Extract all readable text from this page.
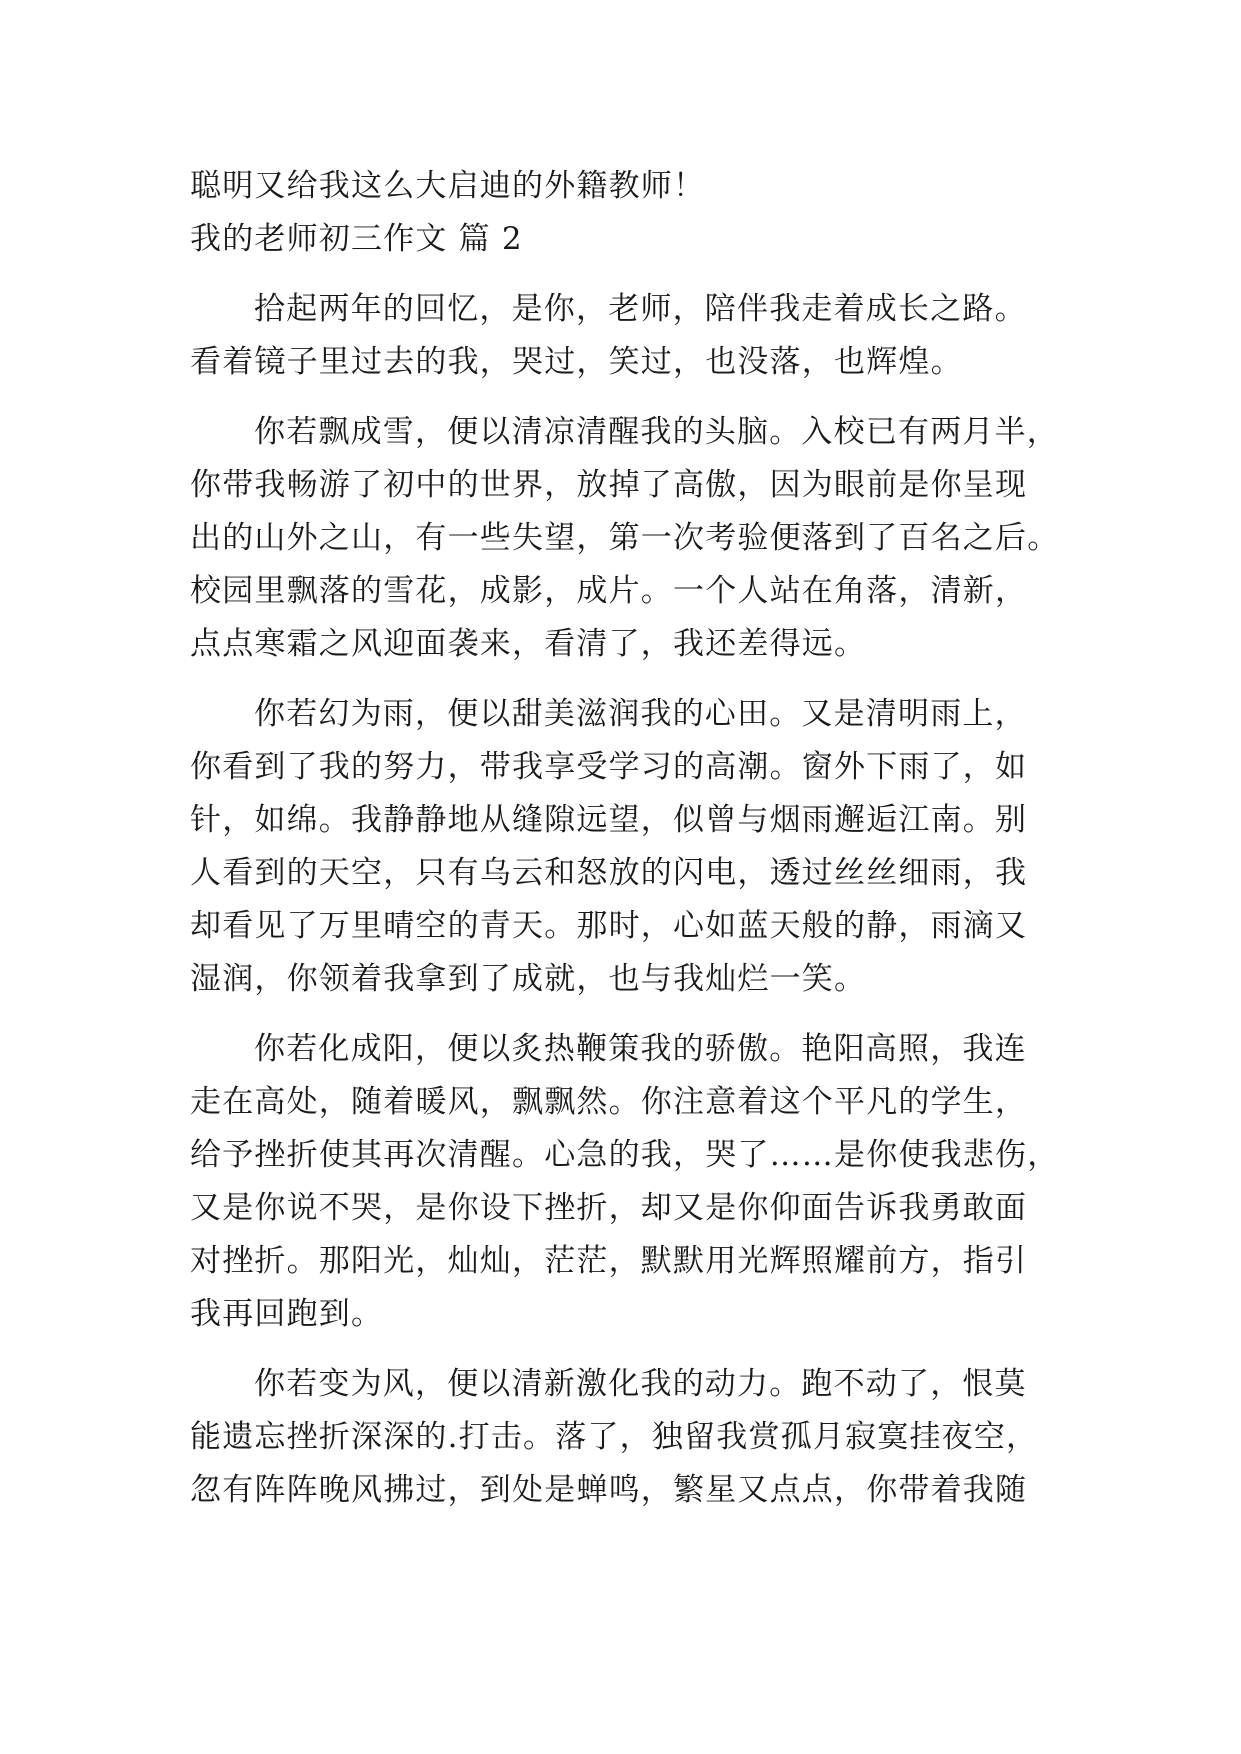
聪明又给我这么大启迪的外籍教师！
我的老师初三作文 篇 2
拾起两年的回忆，是你，老师，陪伴我走着成长之路。
看着镜子里过去的我，哭过，笑过，也没落，也辉煌。
你若飘成雪，便以清凉清醒我的头脑。入校已有两月半，
你带我畅游了初中的世界，放掉了高傲，因为眼前是你呈现
出的山外之山，有一些失望，第一次考验便落到了百名之后。
校园里飘落的雪花，成影，成片。一个人站在角落，清新，
点点寒霜之风迎面袭来，看清了，我还差得远。
你若幻为雨，便以甜美滋润我的心田。又是清明雨上，
你看到了我的努力，带我享受学习的高潮。窗外下雨了，如
针，如绵。我静静地从缝隙远望，似曾与烟雨邂逅江南。别
人看到的天空，只有乌云和怒放的闪电，透过丝丝细雨，我
却看见了万里晴空的青天。那时，心如蓝天般的静，雨滴又
湿润，你领着我拿到了成就，也与我灿烂一笑。
你若化成阳，便以炙热鞭策我的骄傲。艳阳高照，我连
走在高处，随着暖风，飘飘然。你注意着这个平凡的学生，
给予挫折使其再次清醒。心急的我，哭了……是你使我悲伤，
又是你说不哭，是你设下挫折，却又是你仰面告诉我勇敢面
对挫折。那阳光，灿灿，茫茫，默默用光辉照耀前方，指引
我再回跑到。
你若变为风，便以清新激化我的动力。跑不动了，恨莫
能遗忘挫折深深的.打击。落了，独留我赏孤月寂寞挂夜空，
忽有阵阵晚风拂过，到处是蝉鸣，繁星又点点，你带着我随
